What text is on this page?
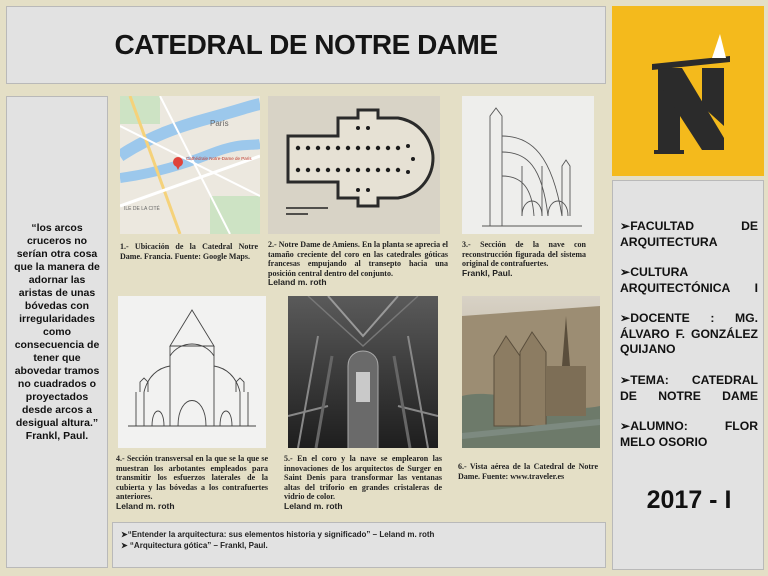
CATEDRAL DE NOTRE DAME

“los arcos cruceros no serían otra cosa que la manera de adornar las aristas de unas bóvedas con irregularidades como consecuencia de tener que abovedar tramos no cuadrados o proyectados desde arcos a desigual altura.” Frankl, Paul.

➢FACULTAD DE ARQUITECTURA
➢CULTURA ARQUITECTÓNICA I
➢DOCENTE : MG. ÁLVARO F. GONZÁLEZ QUIJANO
➢TEMA: CATEDRAL DE NOTRE DAME
➢ALUMNO: FLOR MELO OSORIO
2017 - I
París
Cathédrale Notre-Dame de Paris
ILE DE LA CITÉ
1.- Ubicación de la Catedral Notre Dame. Francia. Fuente: Google Maps.
2.- Notre Dame de Amiens. En la planta se aprecia el tamaño creciente del coro en las catedrales góticas francesas empujando al transepto hacia una posición central dentro del conjunto.
Leland m. roth
3.- Sección de la nave con reconstrucción figurada del sistema original de contrafuertes.
Frankl, Paul.
4.- Sección transversal en la que se la que se muestran los arbotantes empleados para transmitir los esfuerzos laterales de la cubierta y las bóvedas a los contrafuertes anteriores.
Leland m. roth
5.- En el coro y la nave se emplearon las innovaciones de los arquitectos de Surger en Saint Denis para transformar las ventanas altas del triforio en grandes cristaleras de vidrio de color.
Leland m. roth
6.- Vista aérea de la Catedral de Notre Dame. Fuente: www.traveler.es
➤“Entender la arquitectura: sus elementos historia y significado” – Leland m. roth
➤ “Arquitectura gótica” – Frankl, Paul.
